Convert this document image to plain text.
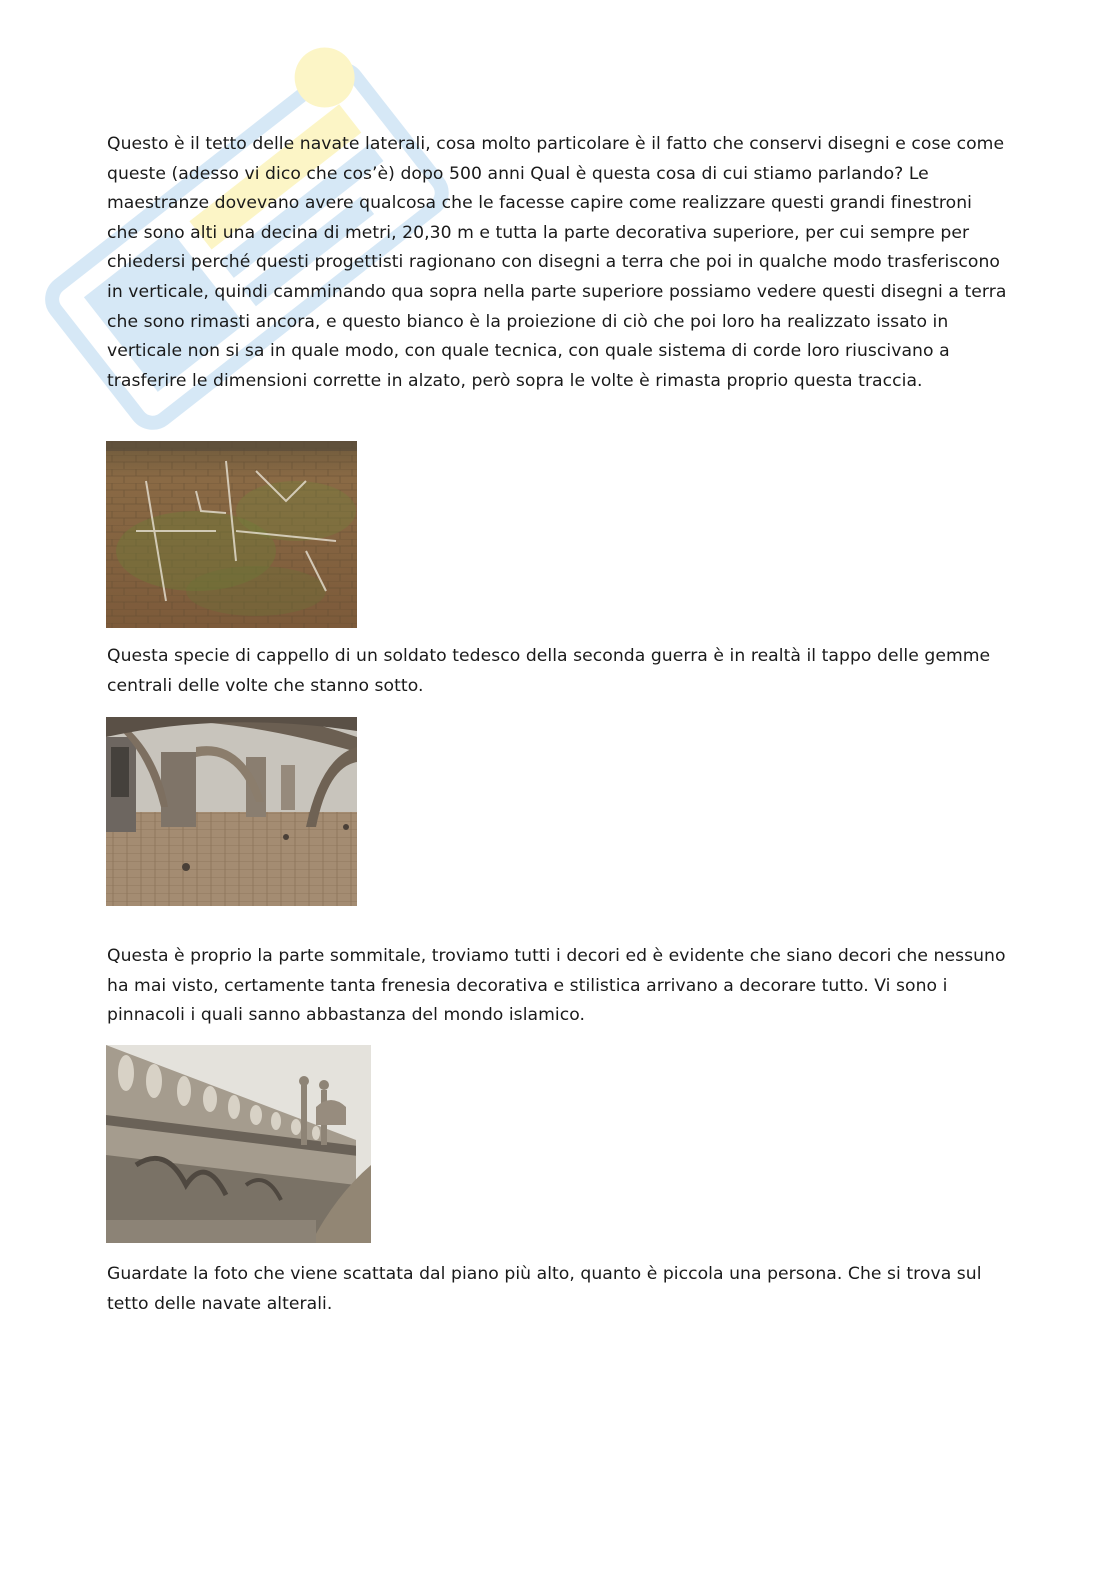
Questo è il tetto delle navate laterali, cosa molto particolare è il fatto che conservi disegni e cose come queste (adesso vi dico che cos’è) dopo 500 anni Qual è questa cosa di cui stiamo parlando? Le maestranze dovevano avere qualcosa che le facesse capire come realizzare questi grandi finestroni che sono alti una decina di metri, 20,30 m e tutta la parte decorativa superiore, per cui sempre per chiedersi perché questi progettisti ragionano con disegni a terra che poi in qualche modo trasferiscono in verticale, quindi camminando qua sopra nella parte superiore possiamo vedere questi disegni a terra che sono rimasti ancora, e questo bianco è la proiezione di ciò che poi loro ha realizzato issato in verticale non si sa in quale modo, con quale tecnica, con quale sistema di corde loro riuscivano a trasferire le dimensioni corrette in alzato, però sopra le volte è rimasta proprio questa traccia.

Questa specie di cappello di un soldato tedesco della seconda guerra è in realtà il tappo delle gemme centrali delle volte che stanno sotto.

Questa è proprio la parte sommitale, troviamo tutti i decori ed è evidente che siano decori che nessuno ha mai visto, certamente tanta frenesia decorativa e stilistica arrivano a decorare tutto. Vi sono i pinnacoli i quali sanno abbastanza del mondo islamico.

Guardate la foto che viene scattata dal piano più alto, quanto è piccola una persona. Che si trova sul tetto delle navate alterali.
